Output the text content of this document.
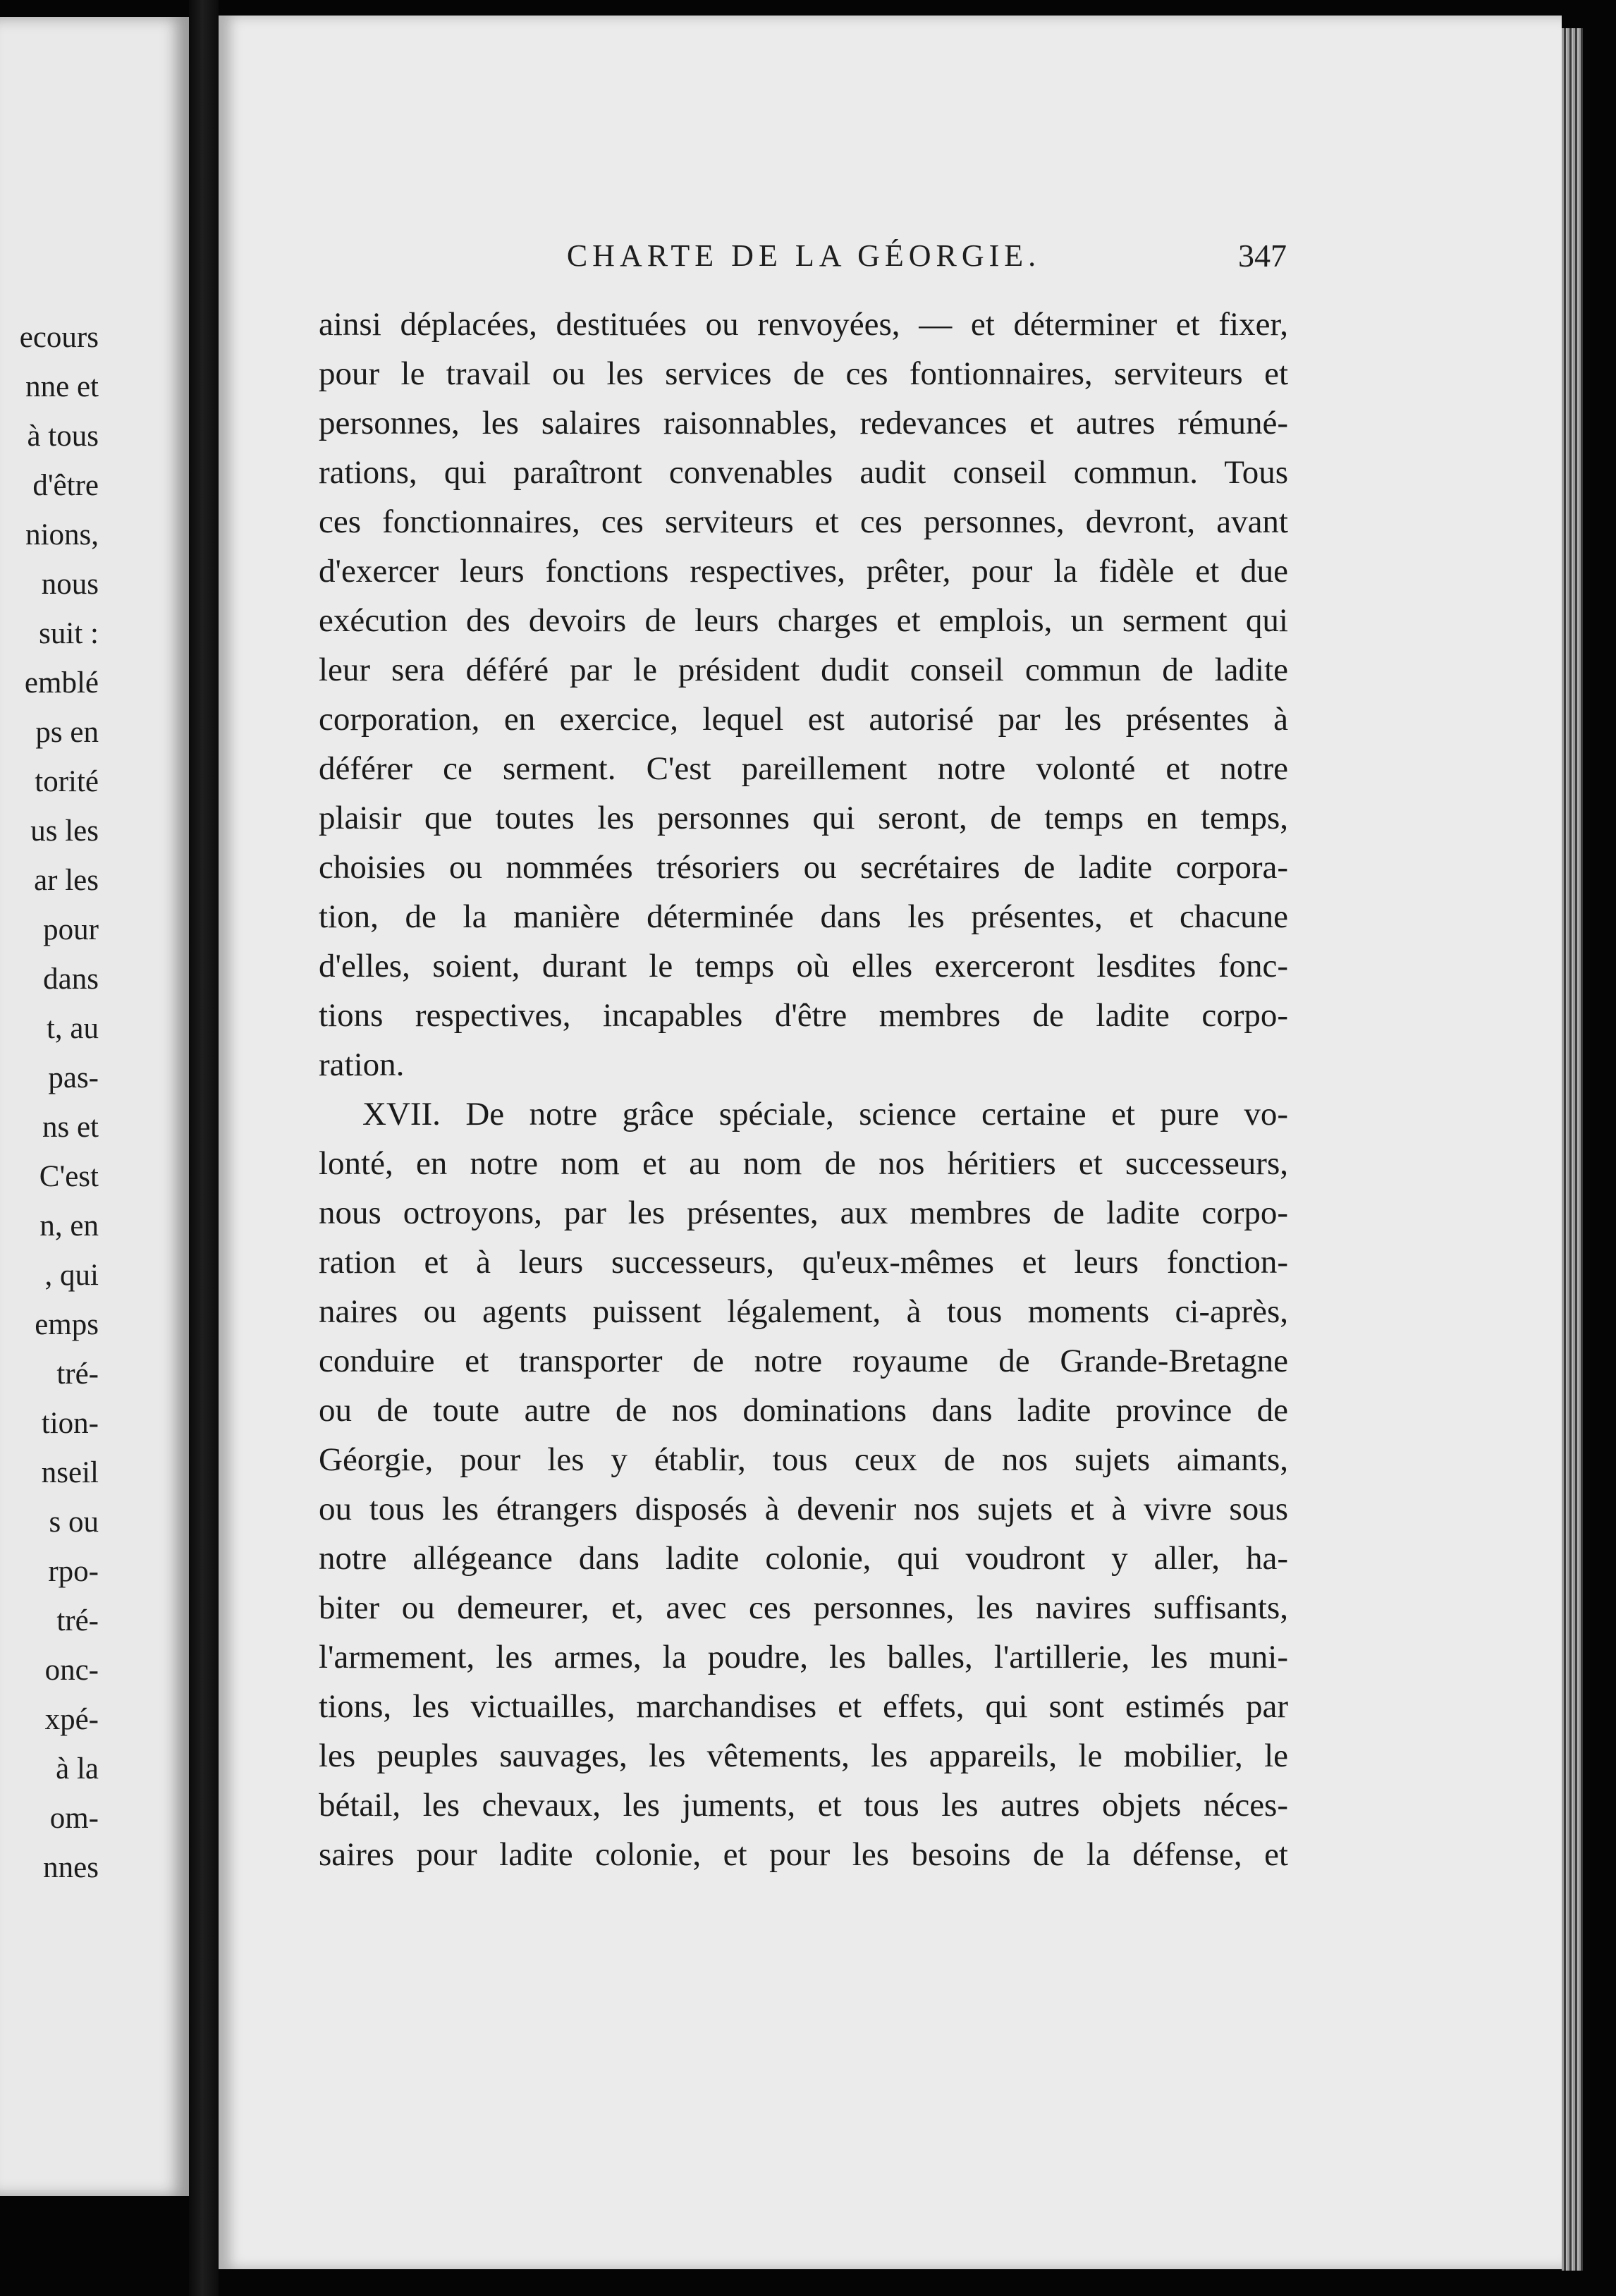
ecours
nne et
à tous
d'être
nions,
nous
suit :
emblé
ps en
torité
us les
ar les
pour
dans
t, au
pas-
ns et
C'est
n, en
, qui
emps
tré-
tion-
nseil
s ou
rpo-
tré-
onc-
xpé-
à la
om-
nnes
CHARTE DE LA GÉORGIE.	347
ainsi déplacées, destituées ou renvoyées, — et déterminer et fixer,
pour le travail ou les services de ces fontionnaires, serviteurs et
personnes, les salaires raisonnables, redevances et autres rémuné-
rations, qui paraîtront convenables audit conseil commun. Tous
ces fonctionnaires, ces serviteurs et ces personnes, devront, avant
d'exercer leurs fonctions respectives, prêter, pour la fidèle et due
exécution des devoirs de leurs charges et emplois, un serment qui
leur sera déféré par le président dudit conseil commun de ladite
corporation, en exercice, lequel est autorisé par les présentes à
déférer ce serment. C'est pareillement notre volonté et notre
plaisir que toutes les personnes qui seront, de temps en temps,
choisies ou nommées trésoriers ou secrétaires de ladite corpora-
tion, de la manière déterminée dans les présentes, et chacune
d'elles, soient, durant le temps où elles exerceront lesdites fonc-
tions respectives, incapables d'être membres de ladite corpo-
ration.
XVII. De notre grâce spéciale, science certaine et pure vo-
lonté, en notre nom et au nom de nos héritiers et successeurs,
nous octroyons, par les présentes, aux membres de ladite corpo-
ration et à leurs successeurs, qu'eux-mêmes et leurs fonction-
naires ou agents puissent légalement, à tous moments ci-après,
conduire et transporter de notre royaume de Grande-Bretagne
ou de toute autre de nos dominations dans ladite province de
Géorgie, pour les y établir, tous ceux de nos sujets aimants,
ou tous les étrangers disposés à devenir nos sujets et à vivre sous
notre allégeance dans ladite colonie, qui voudront y aller, ha-
biter ou demeurer, et, avec ces personnes, les navires suffisants,
l'armement, les armes, la poudre, les balles, l'artillerie, les muni-
tions, les victuailles, marchandises et effets, qui sont estimés par
les peuples sauvages, les vêtements, les appareils, le mobilier, le
bétail, les chevaux, les juments, et tous les autres objets néces-
saires pour ladite colonie, et pour les besoins de la défense, et
